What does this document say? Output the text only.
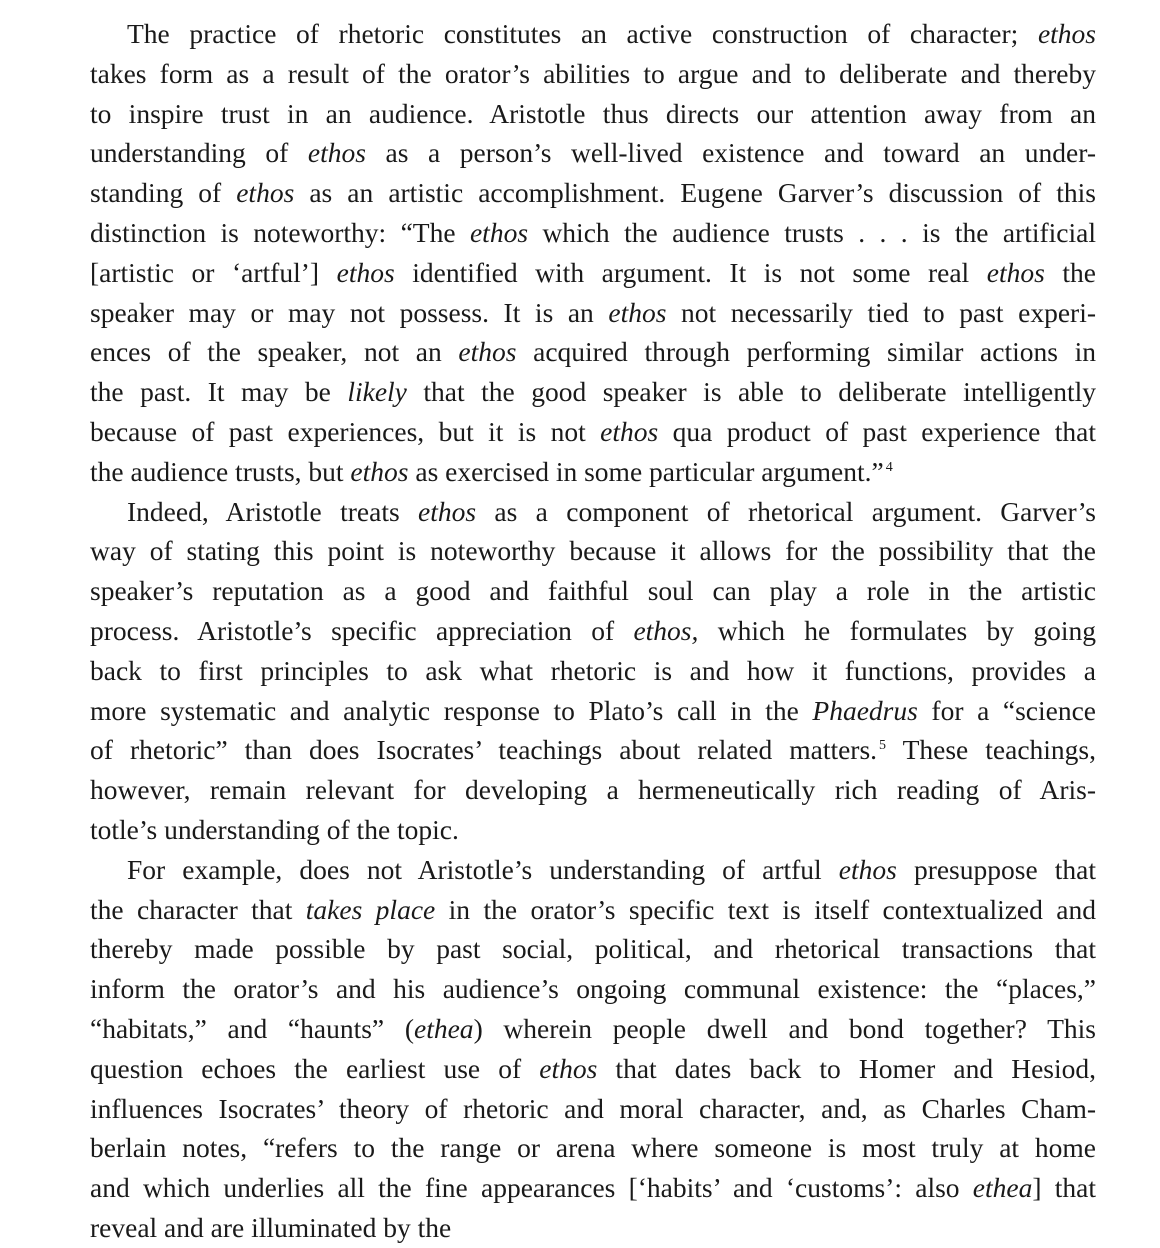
The practice of rhetoric constitutes an active construction of character; ethos
takes form as a result of the orator’s abilities to argue and to deliberate and thereby
to inspire trust in an audience. Aristotle thus directs our attention away from an
understanding of ethos as a person’s well-lived existence and toward an under-
standing of ethos as an artistic accomplishment. Eugene Garver’s discussion of this
distinction is noteworthy: “The ethos which the audience trusts . . . is the artificial
[artistic or ‘artful’] ethos identified with argument. It is not some real ethos the
speaker may or may not possess. It is an ethos not necessarily tied to past experi-
ences of the speaker, not an ethos acquired through performing similar actions in
the past. It may be likely that the good speaker is able to deliberate intelligently
because of past experiences, but it is not ethos qua product of past experience that
the audience trusts, but ethos as exercised in some particular argument.” $^4$
Indeed, Aristotle treats ethos as a component of rhetorical argument. Garver’s
way of stating this point is noteworthy because it allows for the possibility that the
speaker’s reputation as a good and faithful soul can play a role in the artistic
process. Aristotle’s specific appreciation of ethos, which he formulates by going
back to first principles to ask what rhetoric is and how it functions, provides a
more systematic and analytic response to Plato’s call in the Phaedrus for a “science
of rhetoric” than does Isocrates’ teachings about related matters. $^5$ These teachings,
however, remain relevant for developing a hermeneutically rich reading of Aris-
totle’s understanding of the topic.
For example, does not Aristotle’s understanding of artful ethos presuppose that
the character that takes place in the orator’s specific text is itself contextualized and
thereby made possible by past social, political, and rhetorical transactions that
inform the orator’s and his audience’s ongoing communal existence: the “places,”
“habitats,” and “haunts” (ethea) wherein people dwell and bond together? This
question echoes the earliest use of ethos that dates back to Homer and Hesiod,
influences Isocrates’ theory of rhetoric and moral character, and, as Charles Cham-
berlain notes, “refers to the range or arena where someone is most truly at home
and which underlies all the fine appearances [‘habits’ and ‘customs’: also ethea] that
reveal and are illuminated by the
